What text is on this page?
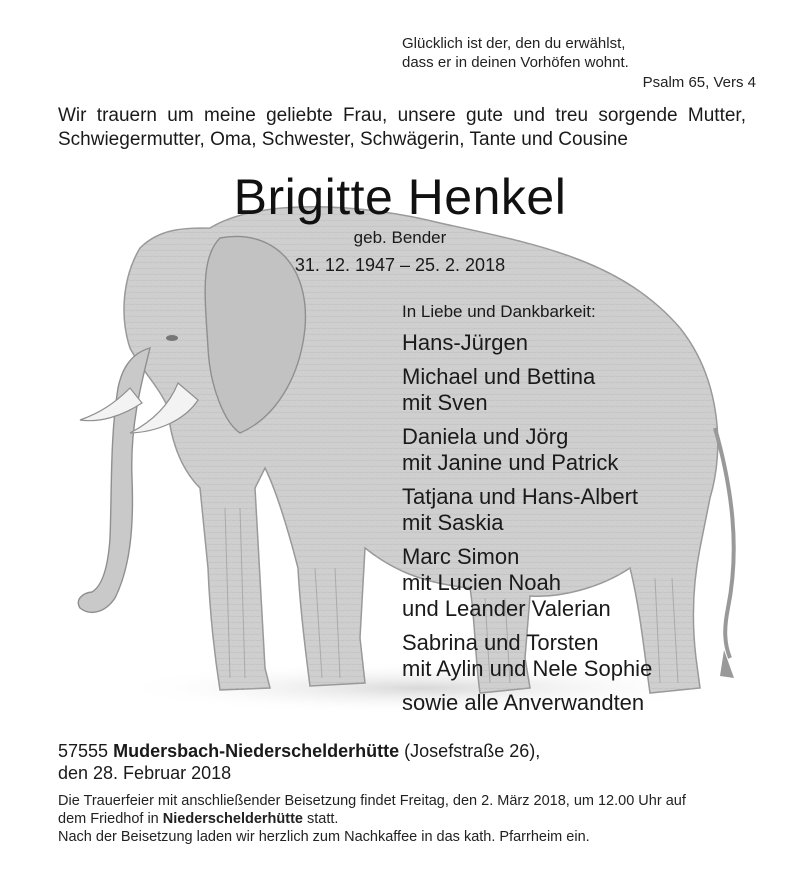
Glücklich ist der, den du erwählst,
dass er in deinen Vorhöfen wohnt.
Psalm 65, Vers 4
Wir trauern um meine geliebte Frau, unsere gute und treu sorgende Mutter,
Schwiegermutter, Oma, Schwester, Schwägerin, Tante und Cousine
Brigitte Henkel
geb. Bender
31. 12. 1947 – 25. 2. 2018
In Liebe und Dankbarkeit:
Hans-Jürgen
Michael und Bettina
mit Sven
Daniela und Jörg
mit Janine und Patrick
Tatjana und Hans-Albert
mit Saskia
Marc Simon
mit Lucien Noah
und Leander Valerian
Sabrina und Torsten
mit Aylin und Nele Sophie
sowie alle Anverwandten
57555 Mudersbach-Niederschelderhütte (Josefstraße 26),
den 28. Februar 2018
Die Trauerfeier mit anschließender Beisetzung findet Freitag, den 2. März 2018, um 12.00 Uhr auf
dem Friedhof in Niederschelderhütte statt.
Nach der Beisetzung laden wir herzlich zum Nachkaffee in das kath. Pfarrheim ein.
